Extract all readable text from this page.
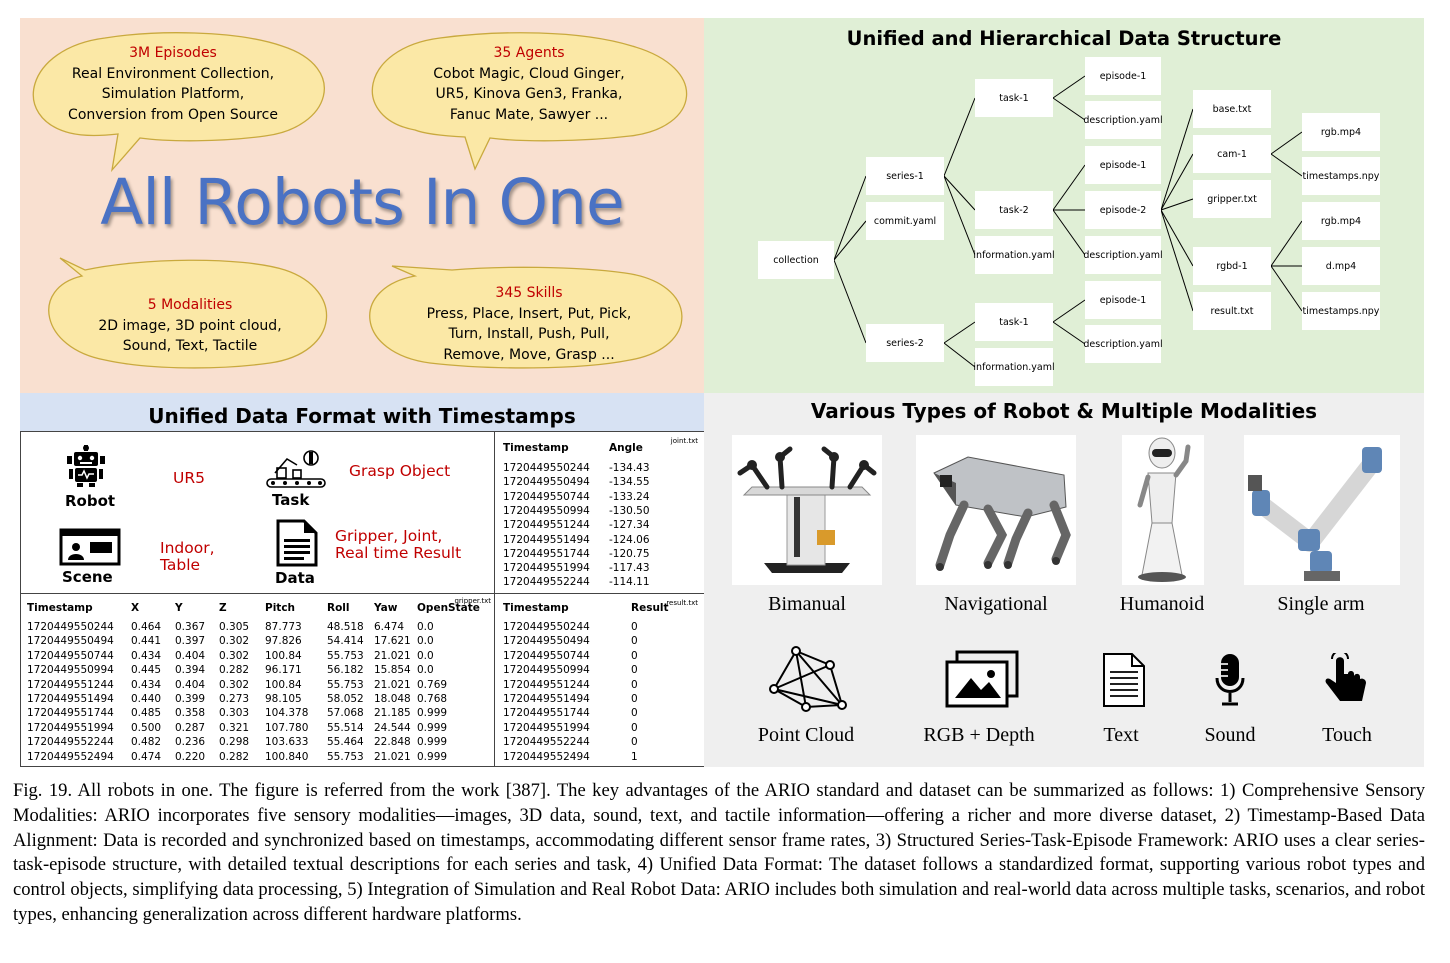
3M Episodes
Real Environment Collection,
Simulation Platform,
Conversion from Open Source
35 Agents
Cobot Magic, Cloud Ginger,
UR5, Kinova Gen3, Franka,
Fanuc Mate, Sawyer ...
5 Modalities
2D image, 3D point cloud,
Sound, Text, Tactile
345 Skills
Press, Place, Insert, Put, Pick,
Turn, Install, Push, Pull,
Remove, Move, Grasp ...
All Robots In One
Unified and Hierarchical Data Structure
collection
series-1
commit.yaml
series-2
task-1
task-2
information.yaml
task-1
information.yaml
episode-1
description.yaml
episode-1
episode-2
description.yaml
episode-1
description.yaml
base.txt
cam-1
gripper.txt
rgbd-1
result.txt
rgb.mp4
timestamps.npy
rgb.mp4
d.mp4
timestamps.npy
Unified Data Format with Timestamps
Robot
UR5
Task
Grasp Object
Scene
Indoor,
Table
Data
Gripper, Joint,
Real time Result
joint.txt
Timestamp	Angle
1720449550244 -134.43
1720449550494 -134.55
1720449550744 -133.24
1720449550994 -130.50
1720449551244 -127.34
1720449551494 -124.06
1720449551744 -120.75
1720449551994 -117.43
1720449552244 -114.11
gripper.txt
Timestamp	X	Y	Z	Pitch	Roll Yaw OpenState
1720449550244 0.464 0.367 0.305 87.773 48.518 6.474 0.0
1720449550494 0.441 0.397 0.302 97.826 54.414 17.621 0.0
1720449550744 0.434 0.404 0.302 100.84 55.753 21.021 0.0
1720449550994 0.445 0.394 0.282 96.171 56.182 15.854 0.0
1720449551244 0.434 0.404 0.302 100.84 55.753 21.021 0.769
1720449551494 0.440 0.399 0.273 98.105 58.052 18.048 0.768
1720449551744 0.485 0.358 0.303 104.378 57.068 21.185 0.999
1720449551994 0.500 0.287 0.321 107.780 55.514 24.544 0.999
1720449552244 0.482 0.236 0.298 103.633 55.464 22.848 0.999
1720449552494 0.474 0.220 0.282 100.840 55.753 21.021 0.999
result.txt
Timestamp	Result
1720449550244	0
1720449550494	0
1720449550744	0
1720449550994	0
1720449551244	0
1720449551494	0
1720449551744	0
1720449551994	0
1720449552244	0
1720449552494	1
Various Types of Robot & Multiple Modalities
Bimanual	Navigational	Humanoid	Single arm
Point Cloud	RGB + Depth	Text	Sound	Touch
Fig. 19. All robots in one. The figure is referred from the work [387]. The key advantages of the ARIO standard and dataset can be summarized as follows: 1) Comprehensive Sensory Modalities: ARIO incorporates five sensory modalities—images, 3D data, sound, text, and tactile information—offering a richer and more diverse dataset, 2) Timestamp-Based Data Alignment: Data is recorded and synchronized based on timestamps, accommodating different sensor frame rates, 3) Structured Series-Task-Episode Framework: ARIO uses a clear series-task-episode structure, with detailed textual descriptions for each series and task, 4) Unified Data Format: The dataset follows a standardized format, supporting various robot types and control objects, simplifying data processing, 5) Integration of Simulation and Real Robot Data: ARIO includes both simulation and real-world data across multiple tasks, scenarios, and robot types, enhancing generalization across different hardware platforms.
